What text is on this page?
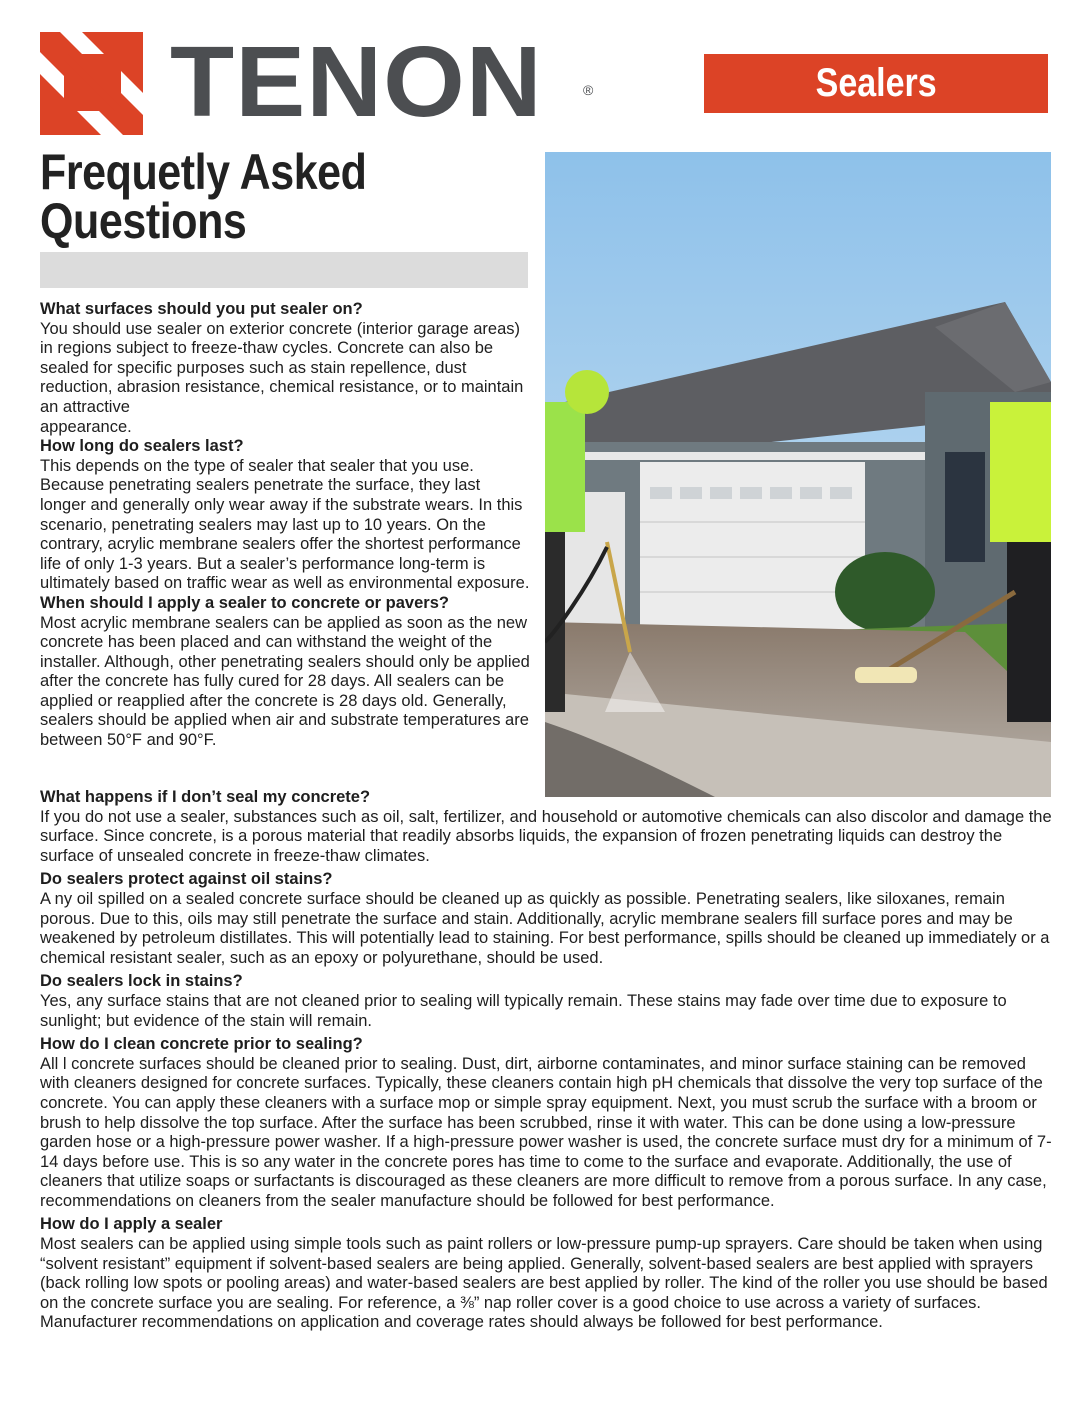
TENON	®	Sealers
Frequetly Asked
Questions
What surfaces should you put sealer on?
You should use sealer on exterior concrete (interior garage areas) in regions subject to freeze-thaw cycles. Concrete can also be sealed for specific purposes such as stain repellence, dust reduction, abrasion resistance, chemical resistance, or to maintain an attractive
appearance.
How long do sealers last?
This depends on the type of sealer that sealer that you use. Because penetrating sealers penetrate the surface, they last longer and generally only wear away if the substrate wears. In this scenario, penetrating sealers may last up to 10 years. On the contrary, acrylic membrane sealers offer the shortest performance life of only 1-3 years. But a sealer’s performance long-term is ultimately based on traffic wear as well as environmental exposure.
When should I apply a sealer to concrete or pavers?
Most acrylic membrane sealers can be applied as soon as the new concrete has been placed and can withstand the weight of the installer. Although, other penetrating sealers should only be applied after the concrete has fully cured for 28 days. All sealers can be applied or reapplied after the concrete is 28 days old. Generally, sealers should be applied when air and substrate temperatures are between 50°F and 90°F.
What happens if I don’t seal my concrete?
If you do not use a sealer, substances such as oil, salt, fertilizer, and household or automotive chemicals can also discolor and damage the surface. Since concrete, is a porous material that readily absorbs liquids, the expansion of frozen penetrating liquids can destroy the surface of unsealed concrete in freeze-thaw climates.
Do sealers protect against oil stains?
A ny oil spilled on a sealed concrete surface should be cleaned up as quickly as possible. Penetrating sealers, like siloxanes, remain porous. Due to this, oils may still penetrate the surface and stain. Additionally, acrylic membrane sealers fill surface pores and may be weakened by petroleum distillates. This will potentially lead to staining. For best performance, spills should be cleaned up immediately or a chemical resistant sealer, such as an epoxy or polyurethane, should be used.
Do sealers lock in stains?
Yes, any surface stains that are not cleaned prior to sealing will typically remain. These stains may fade over time due to exposure to sunlight; but evidence of the stain will remain.
How do I clean concrete prior to sealing?
All l concrete surfaces should be cleaned prior to sealing. Dust, dirt, airborne contaminates, and minor surface staining can be removed with cleaners designed for concrete surfaces. Typically, these cleaners contain high pH chemicals that dissolve the very top surface of the concrete. You can apply these cleaners with a surface mop or simple spray equipment. Next, you must scrub the surface with a broom or brush to help dissolve the top surface. After the surface has been scrubbed, rinse it with water. This can be done using a low-pressure garden hose or a high-pressure power washer. If a high-pressure power washer is used, the concrete surface must dry for a minimum of 7-14 days before use. This is so any water in the concrete pores has time to come to the surface and evaporate. Additionally, the use of cleaners that utilize soaps or surfactants is discouraged as these cleaners are more difficult to remove from a porous surface. In any case, recommendations on cleaners from the sealer manufacture should be followed for best performance.
How do I apply a sealer
Most sealers can be applied using simple tools such as paint rollers or low-pressure pump-up sprayers. Care should be taken when using “solvent resistant” equipment if solvent-based sealers are being applied. Generally, solvent-based sealers are best applied with sprayers (back rolling low spots or pooling areas) and water-based sealers are best applied by roller. The kind of the roller you use should be based on the concrete surface you are sealing. For reference, a ⅜” nap roller cover is a good choice to use across a variety of surfaces. Manufacturer recommendations on application and coverage rates should always be followed for best performance.
